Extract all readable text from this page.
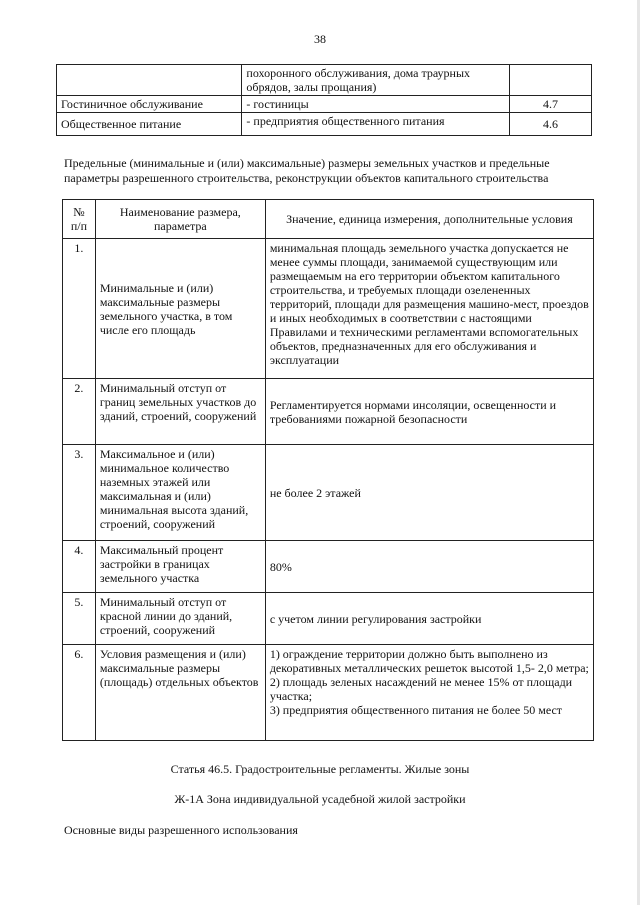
38
	похоронного обслуживания, дома траурных обрядов, залы прощания)	
Гостиничное обслуживание	- гостиницы	4.7
Общественное питание	- предприятия общественного питания	4.6

Предельные (минимальные и (или) максимальные) размеры земельных участков и предельные параметры разрешенного строительства, реконструкции объектов капитального строительства

№ п/п	Наименование размера, параметра	Значение, единица измерения, дополнительные условия
1.	Минимальные и (или) максимальные размеры земельного участка, в том числе его площадь	минимальная площадь земельного участка допускается не менее суммы площади, занимаемой существующим или размещаемым на его территории объектом капитального строительства, и требуемых площади озелененных территорий, площади для размещения машино-мест, проездов и иных необходимых в соответствии с настоящими Правилами и техническими регламентами вспомогательных объектов, предназначенных для его обслуживания и эксплуатации
2.	Минимальный отступ от границ земельных участков до зданий, строений, сооружений	Регламентируется нормами инсоляции, освещенности и требованиями пожарной безопасности
3.	Максимальное и (или) минимальное количество наземных этажей или максимальная и (или) минимальная высота зданий, строений, сооружений	не более 2 этажей
4.	Максимальный процент застройки в границах земельного участка	80%
5.	Минимальный отступ от красной линии до зданий, строений, сооружений	с учетом линии регулирования застройки
6.	Условия размещения и (или) максимальные размеры (площадь) отдельных объектов	1) ограждение территории должно быть выполнено из декоративных металлических решеток высотой 1,5- 2,0 метра;
2) площадь зеленых насаждений не менее 15% от площади участка;
3) предприятия общественного питания не более 50 мест
Статья 46.5. Градостроительные регламенты. Жилые зоны
Ж-1А Зона индивидуальной усадебной жилой застройки
Основные виды разрешенного использования
